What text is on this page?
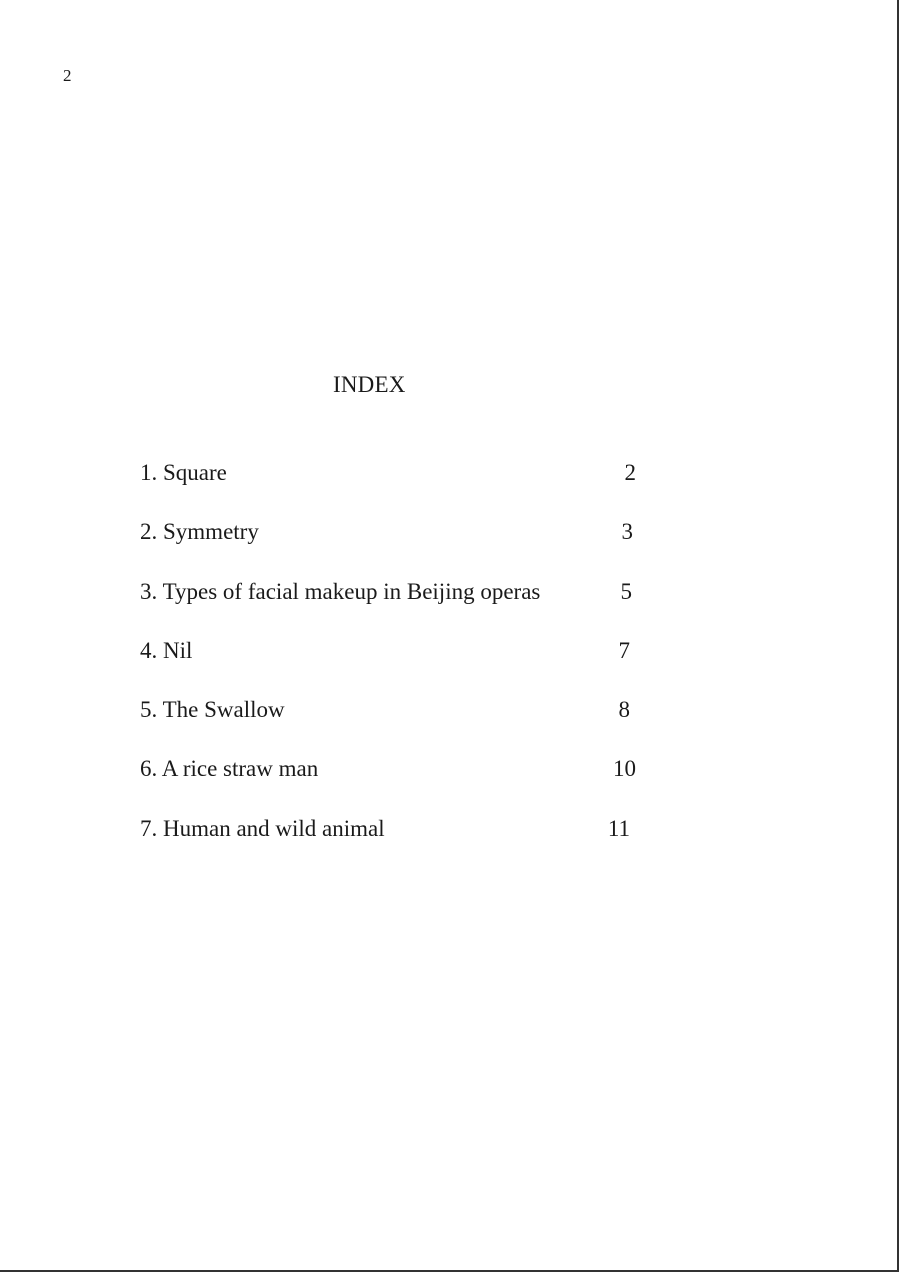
2
INDEX
1. Square	2
2. Symmetry	3
3. Types of facial makeup in Beijing operas	5
4. Nil	7
5. The Swallow	8
6. A rice straw man	10
7. Human and wild animal	11
